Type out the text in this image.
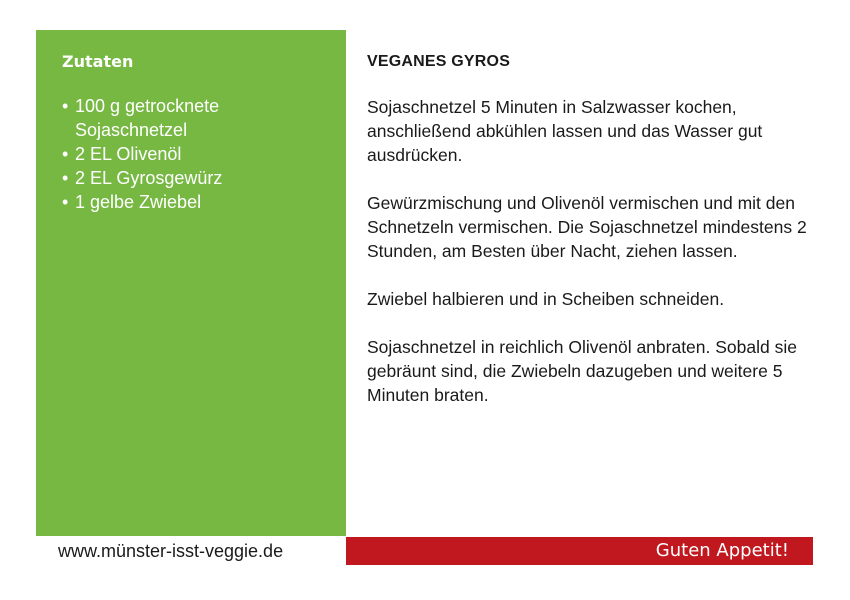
Zutaten
• 100 g getrocknete Sojaschnetzel
• 2 EL Olivenöl
• 2 EL Gyrosgewürz
• 1 gelbe Zwiebel
VEGANES GYROS

Sojaschnetzel 5 Minuten in Salzwasser kochen, anschließend abkühlen lassen und das Wasser gut ausdrücken.

Gewürzmischung und Olivenöl vermischen und mit den Schnetzeln vermischen. Die Sojaschnetzel mindestens 2 Stunden, am Besten über Nacht, ziehen lassen.

Zwiebel halbieren und in Scheiben schneiden.

Sojaschnetzel in reichlich Olivenöl anbraten. Sobald sie gebräunt sind, die Zwiebeln dazugeben und weitere 5 Minuten braten.

www.münster-isst-veggie.de	Guten Appetit!
